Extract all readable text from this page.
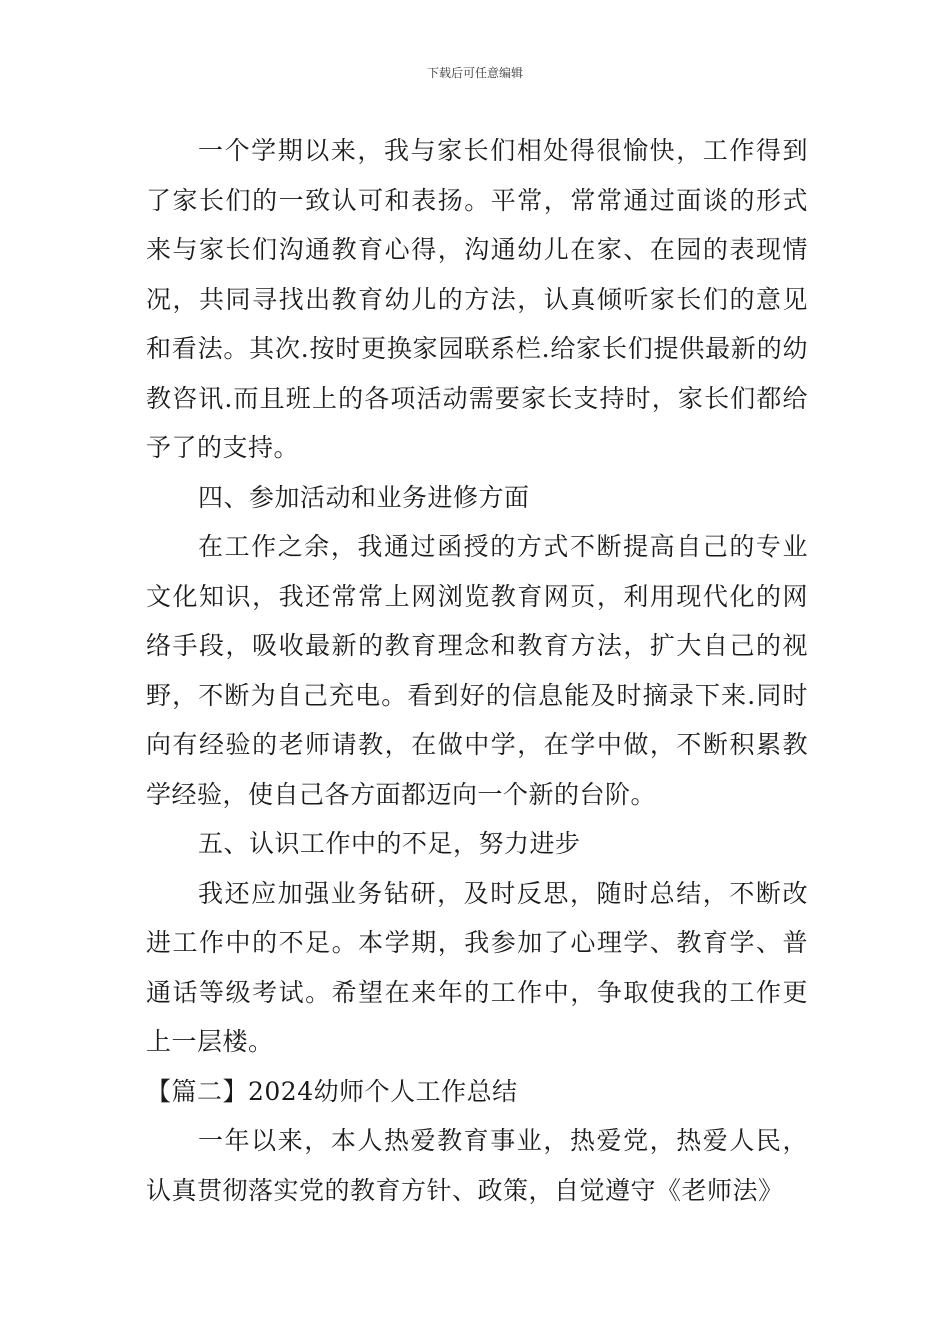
下载后可任意编辑

一个学期以来，我与家长们相处得很愉快，工作得到了家长们的一致认可和表扬。平常，常常通过面谈的形式来与家长们沟通教育心得，沟通幼儿在家、在园的表现情况，共同寻找出教育幼儿的方法，认真倾听家长们的意见和看法。其次.按时更换家园联系栏.给家长们提供最新的幼教咨讯.而且班上的各项活动需要家长支持时，家长们都给予了的支持。

四、参加活动和业务进修方面

在工作之余，我通过函授的方式不断提高自己的专业文化知识，我还常常上网浏览教育网页，利用现代化的网络手段，吸收最新的教育理念和教育方法，扩大自己的视野，不断为自己充电。看到好的信息能及时摘录下来.同时向有经验的老师请教，在做中学，在学中做，不断积累教学经验，使自己各方面都迈向一个新的台阶。

五、认识工作中的不足，努力进步

我还应加强业务钻研，及时反思，随时总结，不断改进工作中的不足。本学期，我参加了心理学、教育学、普通话等级考试。希望在来年的工作中，争取使我的工作更上一层楼。

【篇二】2024幼师个人工作总结

一年以来，本人热爱教育事业，热爱党，热爱人民，认真贯彻落实党的教育方针、政策，自觉遵守《老师法》
